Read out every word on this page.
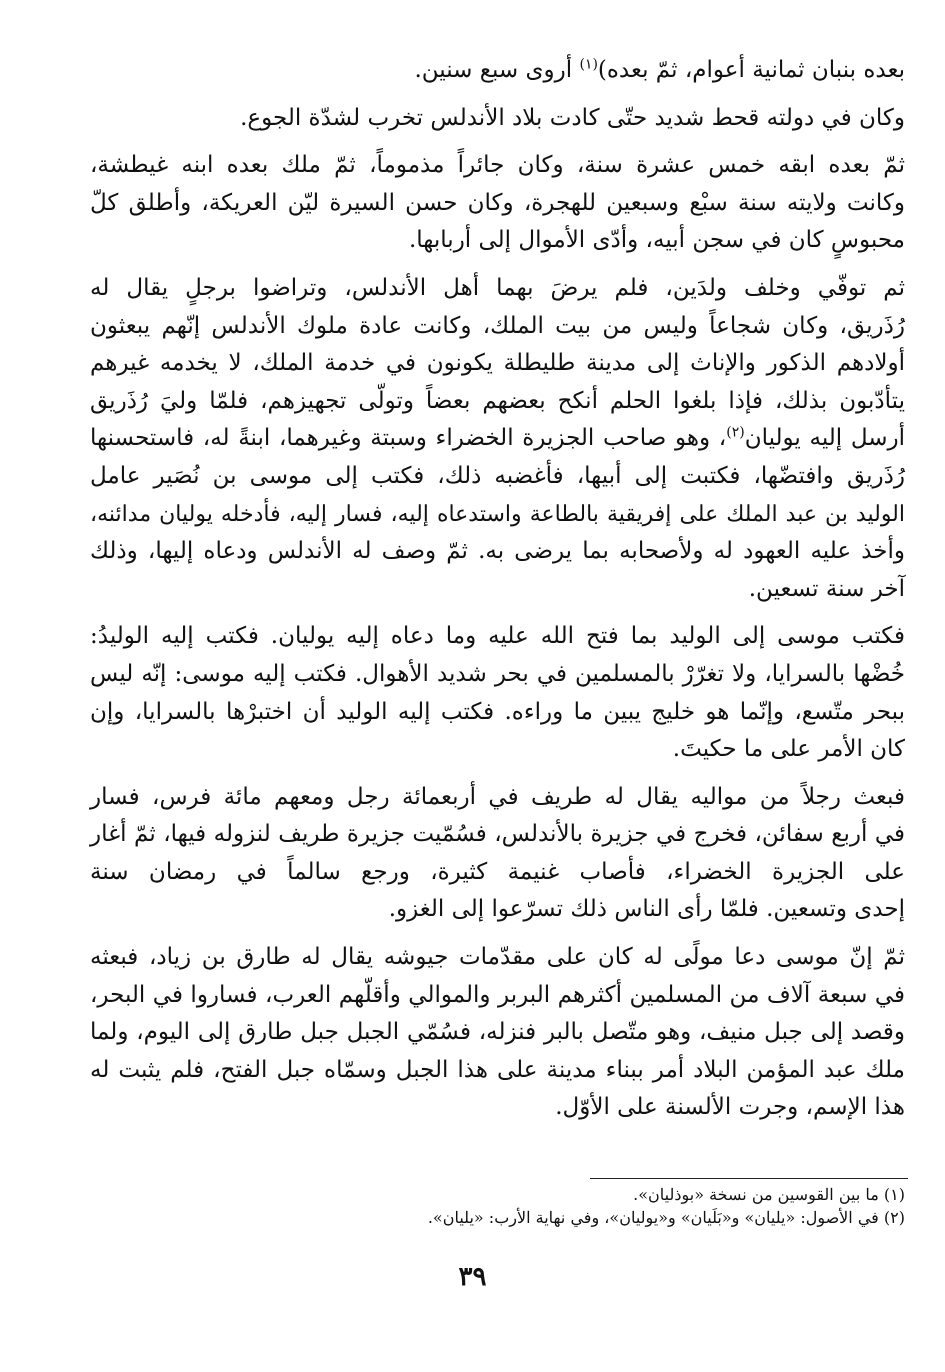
بعده بنبان ثمانية أعوام، ثمّ بعده)$^{(١)}$ أروى سبع سنين.
وكان في دولته قحط شديد حتّى كادت بلاد الأندلس تخرب لشدّة الجوع.
ثمّ بعده ابقه خمس عشرة سنة، وكان جائراً مذموماً، ثمّ ملك بعده ابنه غيطشة،
وكانت ولايته سنة سبْع وسبعين للهجرة، وكان حسن السيرة ليّن العريكة، وأطلق كلّ
محبوسٍ كان في سجن أبيه، وأدّى الأموال إلى أربابها.
ثم توفّي وخلف ولدَين، فلم يرضَ بهما أهل الأندلس، وتراضوا برجلٍ يقال له
رُذَريق، وكان شجاعاً وليس من بيت الملك، وكانت عادة ملوك الأندلس إنّهم يبعثون
أولادهم الذكور والإناث إلى مدينة طليطلة يكونون في خدمة الملك، لا يخدمه غيرهم
يتأدّبون بذلك، فإذا بلغوا الحلم أنكح بعضهم بعضاً وتولّى تجهيزهم، فلمّا وليَ رُذَريق
أرسل إليه يوليان$^{(٢)}$، وهو صاحب الجزيرة الخضراء وسبتة وغيرهما، ابنةً له، فاستحسنها
رُذَريق وافتضّها، فكتبت إلى أبيها، فأغضبه ذلك، فكتب إلى موسى بن نُصَير عامل
الوليد بن عبد الملك على إفريقية بالطاعة واستدعاه إليه، فسار إليه، فأدخله يوليان مدائنه،
وأخذ عليه العهود له ولأصحابه بما يرضى به. ثمّ وصف له الأندلس ودعاه إليها، وذلك
آخر سنة تسعين.
فكتب موسى إلى الوليد بما فتح الله عليه وما دعاه إليه يوليان. فكتب إليه الوليدُ:
خُضْها بالسرايا، ولا تغرّرْ بالمسلمين في بحر شديد الأهوال. فكتب إليه موسى: إنّه ليس
ببحر متّسع، وإنّما هو خليج يبين ما وراءه. فكتب إليه الوليد أن اختبرْها بالسرايا، وإن
كان الأمر على ما حكيتَ.
فبعث رجلاً من مواليه يقال له طريف في أربعمائة رجل ومعهم مائة فرس، فسار
في أربع سفائن، فخرج في جزيرة بالأندلس، فسُمّيت جزيرة طريف لنزوله فيها، ثمّ أغار
على الجزيرة الخضراء، فأصاب غنيمة كثيرة، ورجع سالماً في رمضان سنة
إحدى وتسعين. فلمّا رأى الناس ذلك تسرّعوا إلى الغزو.
ثمّ إنّ موسى دعا مولًى له كان على مقدّمات جيوشه يقال له طارق بن زياد، فبعثه
في سبعة آلاف من المسلمين أكثرهم البربر والموالي وأقلّهم العرب، فساروا في البحر،
وقصد إلى جبل منيف، وهو متّصل بالبر فنزله، فسُمّي الجبل جبل طارق إلى اليوم، ولما
ملك عبد المؤمن البلاد أمر ببناء مدينة على هذا الجبل وسمّاه جبل الفتح، فلم يثبت له
هذا الإسم، وجرت الألسنة على الأوّل.
(١) ما بين القوسين من نسخة «بوذليان».
(٢) في الأصول: «يليان» و«بَلَيان» و«يوليان»، وفي نهاية الأرب: «يليان».
٣٩
